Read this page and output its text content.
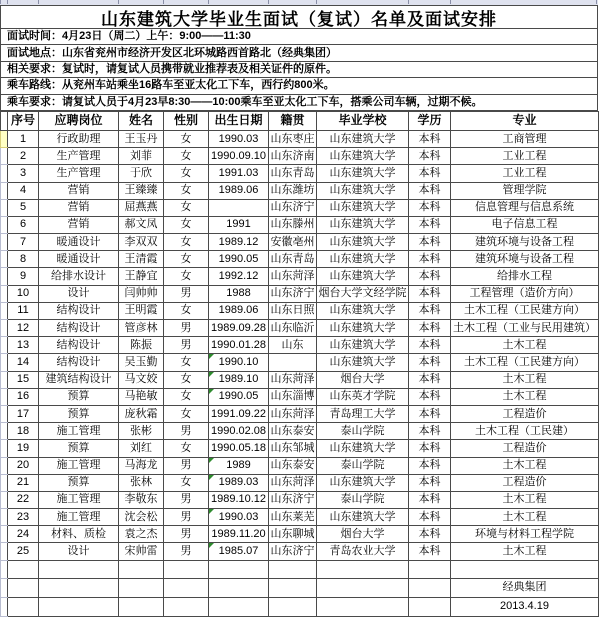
山东建筑大学毕业生面试（复试）名单及面试安排
面试时间：4月23日（周二）上午：9:00——11:30
面试地点：山东省兖州市经济开发区北环城路西首路北（经典集团）
相关要求：复试时，请复试人员携带就业推荐表及相关证件的原件。
乘车路线：从兖州车站乘坐16路车至亚太化工下车，西行约800米。
乘车要求：请复试人员于4月23早8:30——10:00乘车至亚太化工下车，搭乘公司车辆，过期不候。
	序号	应聘岗位	姓名	性别	出生日期	籍贯	毕业学校	学历	专业
	1	行政助理	王玉丹	女	1990.03	山东枣庄	山东建筑大学	本科	工商管理
	2	生产管理	刘菲	女	1990.09.10	山东济南	山东建筑大学	本科	工业工程
	3	生产管理	于欣	女	1991.03	山东青岛	山东建筑大学	本科	工业工程
	4	营销	王臻臻	女	1989.06	山东潍坊	山东建筑大学	本科	管理学院
	5	营销	屈燕燕	女		山东济宁	山东建筑大学	本科	信息管理与信息系统
	6	营销	郝文凤	女	1991	山东滕州	山东建筑大学	本科	电子信息工程
	7	暖通设计	李双双	女	1989.12	安徽亳州	山东建筑大学	本科	建筑环境与设备工程
	8	暖通设计	王清霞	女	1990.05	山东青岛	山东建筑大学	本科	建筑环境与设备工程
	9	给排水设计	王静宜	女	1992.12	山东菏泽	山东建筑大学	本科	给排水工程
	10	设计	闫帅帅	男	1988	山东济宁	烟台大学文经学院	本科	工程管理（造价方向）
	11	结构设计	王明霞	女	1989.06	山东日照	山东建筑大学	本科	土木工程（工民建方向）
	12	结构设计	管彦林	男	1989.09.28	山东临沂	山东建筑大学	本科	土木工程（工业与民用建筑）
	13	结构设计	陈振	男	1990.01.28	山东	山东建筑大学	本科	土木工程
	14	结构设计	吴玉勤	女	1990.10		山东建筑大学	本科	土木工程（工民建方向）
	15	建筑结构设计	马文姣	女	1989.10	山东菏泽	烟台大学	本科	土木工程
	16	预算	马艳敏	女	1990.05	山东淄博	山东英才学院	本科	土木工程
	17	预算	庞秋霜	女	1991.09.22	山东菏泽	青岛理工大学	本科	工程造价
	18	施工管理	张彬	男	1990.02.08	山东泰安	泰山学院	本科	土木工程（工民建）
	19	预算	刘红	女	1990.05.18	山东邹城	山东建筑大学	本科	工程造价
	20	施工管理	马海龙	男	1989	山东泰安	泰山学院	本科	土木工程
	21	预算	张林	女	1989.03	山东菏泽	山东建筑大学	本科	工程造价
	22	施工管理	李敬东	男	1989.10.12	山东济宁	泰山学院	本科	土木工程
	23	施工管理	沈会松	男	1990.03	山东莱芜	山东建筑大学	本科	土木工程
	24	材料、质检	袁之杰	男	1989.11.20	山东聊城	烟台大学	本科	环境与材料工程学院
	25	设计	宋帅雷	男	1985.07	山东济宁	青岛农业大学	本科	土木工程

									经典集团
									2013.4.19
